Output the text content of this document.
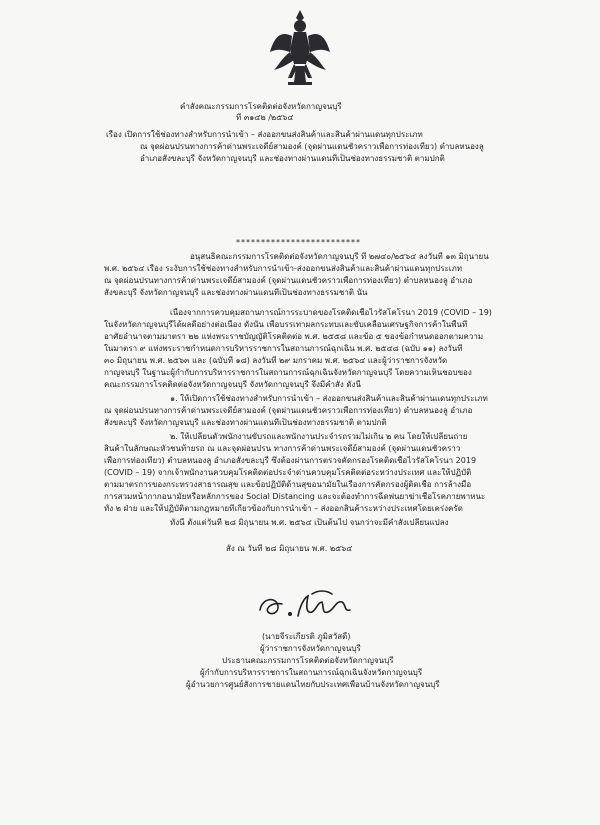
คำสั่งคณะกรรมการโรคติดต่อจังหวัดกาญจนบุรี
ที่ ๓๑๔๒ /๒๕๖๔
เรื่อง เปิดการใช้ช่องทางสำหรับการนำเข้า – ส่งออกขนส่งสินค้าและสินค้าผ่านแดนทุกประเภท
ณ จุดผ่อนปรนทางการค้าด่านพระเจดีย์สามองค์ (จุดผ่านแดนชั่วคราวเพื่อการท่องเที่ยว) ตำบลหนองลู
อำเภอสังขละบุรี จังหวัดกาญจนบุรี และช่องทางผ่านแดนที่เป็นช่องทางธรรมชาติ ตามปกติ
*************************
อนุสนธิคณะกรรมการโรคติดต่อจังหวัดกาญจนบุรี ที่ ๒๗๔๐/๒๕๖๔ ลงวันที่ ๑๓ มิถุนายน
พ.ศ. ๒๕๖๔ เรื่อง ระงับการใช้ช่องทางสำหรับการนำเข้า-ส่งออกขนส่งสินค้าและสินค้าผ่านแดนทุกประเภท
ณ จุดผ่อนปรนทางการค้าด่านพระเจดีย์สามองค์ (จุดผ่านแดนชั่วคราวเพื่อการท่องเที่ยว) ตำบลหนองลู อำเภอ
สังขละบุรี จังหวัดกาญจนบุรี และช่องทางผ่านแดนที่เป็นช่องทางธรรมชาติ นั้น
เนื่องจากการควบคุมสถานการณ์การระบาดของโรคติดเชื้อไวรัสโคโรนา 2019 (COVID – 19)
ในจังหวัดกาญจนบุรีได้ผลดีอย่างต่อเนื่อง ดังนั้น เพื่อบรรเทาผลกระทบและขับเคลื่อนเศรษฐกิจการค้าในพื้นที่
อาศัยอำนาจตามมาตรา ๒๒ แห่งพระราชบัญญัติโรคติดต่อ พ.ศ. ๒๕๕๘ และข้อ ๕ ของข้อกำหนดออกตามความ
ในมาตรา ๙ แห่งพระราชกำหนดการบริหารราชการในสถานการณ์ฉุกเฉิน พ.ศ. ๒๕๔๘ (ฉบับ ๑๑) ลงวันที่
๓๐ มิถุนายน พ.ศ. ๒๕๖๓ และ (ฉบับที่ ๑๘) ลงวันที่ ๒๙ มกราคม พ.ศ. ๒๕๖๔ และผู้ว่าราชการจังหวัด
กาญจนบุรี ในฐานะผู้กำกับการบริหารราชการในสถานการณ์ฉุกเฉินจังหวัดกาญจนบุรี โดยความเห็นชอบของ
คณะกรรมการโรคติดต่อจังหวัดกาญจนบุรี จังหวัดกาญจนบุรี จึงมีคำสั่ง ดังนี้
๑. ให้เปิดการใช้ช่องทางสำหรับการนำเข้า – ส่งออกขนส่งสินค้าและสินค้าผ่านแดนทุกประเภท
ณ จุดผ่อนปรนทางการค้าด่านพระเจดีย์สามองค์ (จุดผ่านแดนชั่วคราวเพื่อการท่องเที่ยว) ตำบลหนองลู อำเภอ
สังขละบุรี จังหวัดกาญจนบุรี และช่องทางผ่านแดนที่เป็นช่องทางธรรมชาติ ตามปกติ
๒. ให้เปลี่ยนตัวพนักงานขับรถและพนักงานประจำรถรวมไม่เกิน ๒ คน โดยให้เปลี่ยนถ่าย
สินค้าในลักษณะหัวชนท้ายรถ ณ และจุดผ่อนปรน ทางการค้าด่านพระเจดีย์สามองค์ (จุดผ่านแดนชั่วคราว
เพื่อการท่องเที่ยว) ตำบลหนองลู อำเภอสังขละบุรี ซึ่งต้องผ่านการตรวจคัดกรองโรคติดเชื้อไวรัสโคโรนา 2019
(COVID – 19) จากเจ้าพนักงานควบคุมโรคติดต่อประจำด่านควบคุมโรคติดต่อระหว่างประเทศ และให้ปฏิบัติ
ตามมาตรการของกระทรวงสาธารณสุข และข้อปฏิบัติด้านสุขอนามัยในเรื่องการคัดกรองผู้ติดเชื้อ การล้างมือ
การสวมหน้ากากอนามัยหรือหลักการของ Social Distancing และจะต้องทำการฉีดพ่นยาฆ่าเชื้อโรคภายพาหนะ
ทั้ง ๒ ฝ่าย และให้ปฏิบัติตามกฎหมายที่เกี่ยวข้องกับการนำเข้า – ส่งออกสินค้าระหว่างประเทศโดยเคร่งครัด
ทั้งนี้ ตั้งแต่วันที่ ๒๘ มิถุนายน พ.ศ. ๒๕๖๔ เป็นต้นไป จนกว่าจะมีคำสั่งเปลี่ยนแปลง
สั่ง ณ วันที่ ๒๘ มิถุนายน พ.ศ. ๒๕๖๔
(นายจีระเกียรติ ภูมิสวัสดิ์)
ผู้ว่าราชการจังหวัดกาญจนบุรี
ประธานคณะกรรมการโรคติดต่อจังหวัดกาญจนบุรี
ผู้กำกับการบริหารราชการในสถานการณ์ฉุกเฉินจังหวัดกาญจนบุรี
ผู้อำนวยการศูนย์สั่งการชายแดนไทยกับประเทศเพื่อนบ้านจังหวัดกาญจนบุรี
